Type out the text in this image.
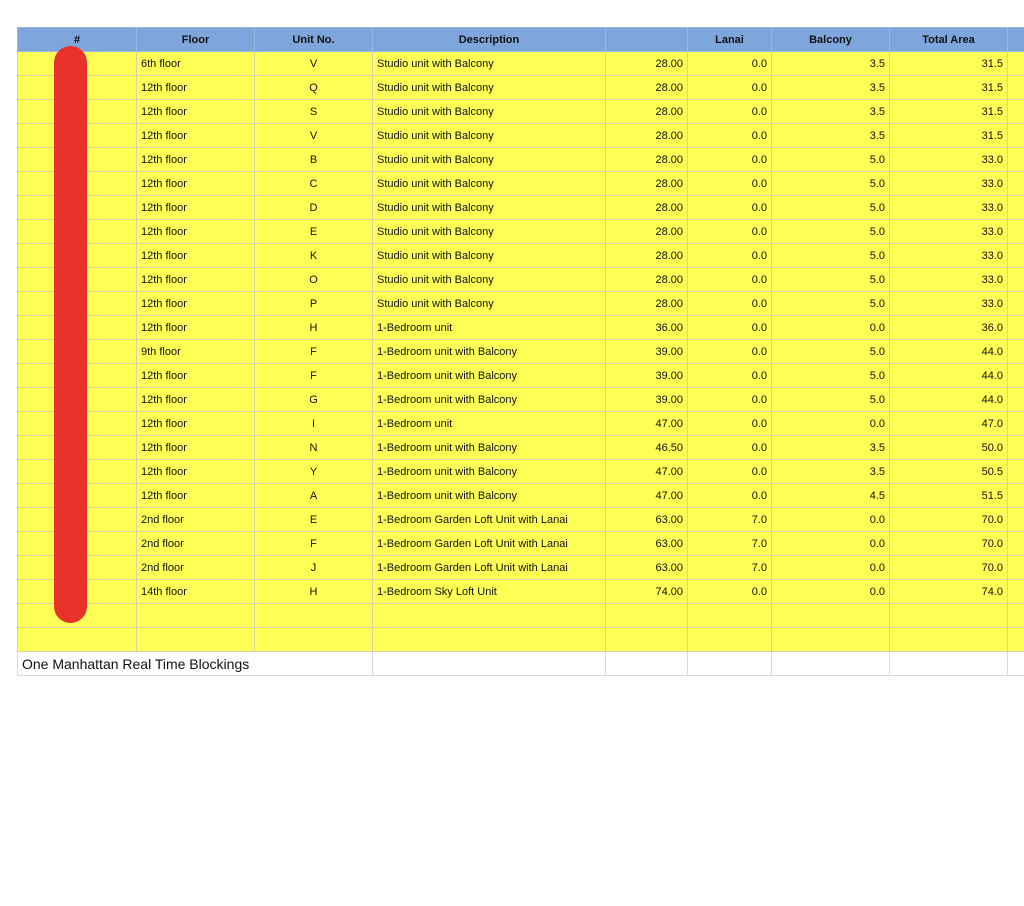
#	Floor	Unit No.	Description		Lanai	Balcony	Total Area	
	6th floor	V	Studio unit with Balcony	28.00	0.0	3.5	31.5	
	12th floor	Q	Studio unit with Balcony	28.00	0.0	3.5	31.5	
	12th floor	S	Studio unit with Balcony	28.00	0.0	3.5	31.5	
	12th floor	V	Studio unit with Balcony	28.00	0.0	3.5	31.5	
	12th floor	B	Studio unit with Balcony	28.00	0.0	5.0	33.0	
	12th floor	C	Studio unit with Balcony	28.00	0.0	5.0	33.0	
	12th floor	D	Studio unit with Balcony	28.00	0.0	5.0	33.0	
	12th floor	E	Studio unit with Balcony	28.00	0.0	5.0	33.0	
	12th floor	K	Studio unit with Balcony	28.00	0.0	5.0	33.0	
	12th floor	O	Studio unit with Balcony	28.00	0.0	5.0	33.0	
	12th floor	P	Studio unit with Balcony	28.00	0.0	5.0	33.0	
	12th floor	H	1-Bedroom unit	36.00	0.0	0.0	36.0	
	9th floor	F	1-Bedroom unit with Balcony	39.00	0.0	5.0	44.0	
	12th floor	F	1-Bedroom unit with Balcony	39.00	0.0	5.0	44.0	
	12th floor	G	1-Bedroom unit with Balcony	39.00	0.0	5.0	44.0	
	12th floor	I	1-Bedroom unit	47.00	0.0	0.0	47.0	
	12th floor	N	1-Bedroom unit with Balcony	46.50	0.0	3.5	50.0	
	12th floor	Y	1-Bedroom unit with Balcony	47.00	0.0	3.5	50.5	
	12th floor	A	1-Bedroom unit with Balcony	47.00	0.0	4.5	51.5	
	2nd floor	E	1-Bedroom Garden Loft Unit with Lanai	63.00	7.0	0.0	70.0	
	2nd floor	F	1-Bedroom Garden Loft Unit with Lanai	63.00	7.0	0.0	70.0	
	2nd floor	J	1-Bedroom Garden Loft Unit with Lanai	63.00	7.0	0.0	70.0	
	14th floor	H	1-Bedroom Sky Loft Unit	74.00	0.0	0.0	74.0	

One Manhattan Real Time Blockings								
